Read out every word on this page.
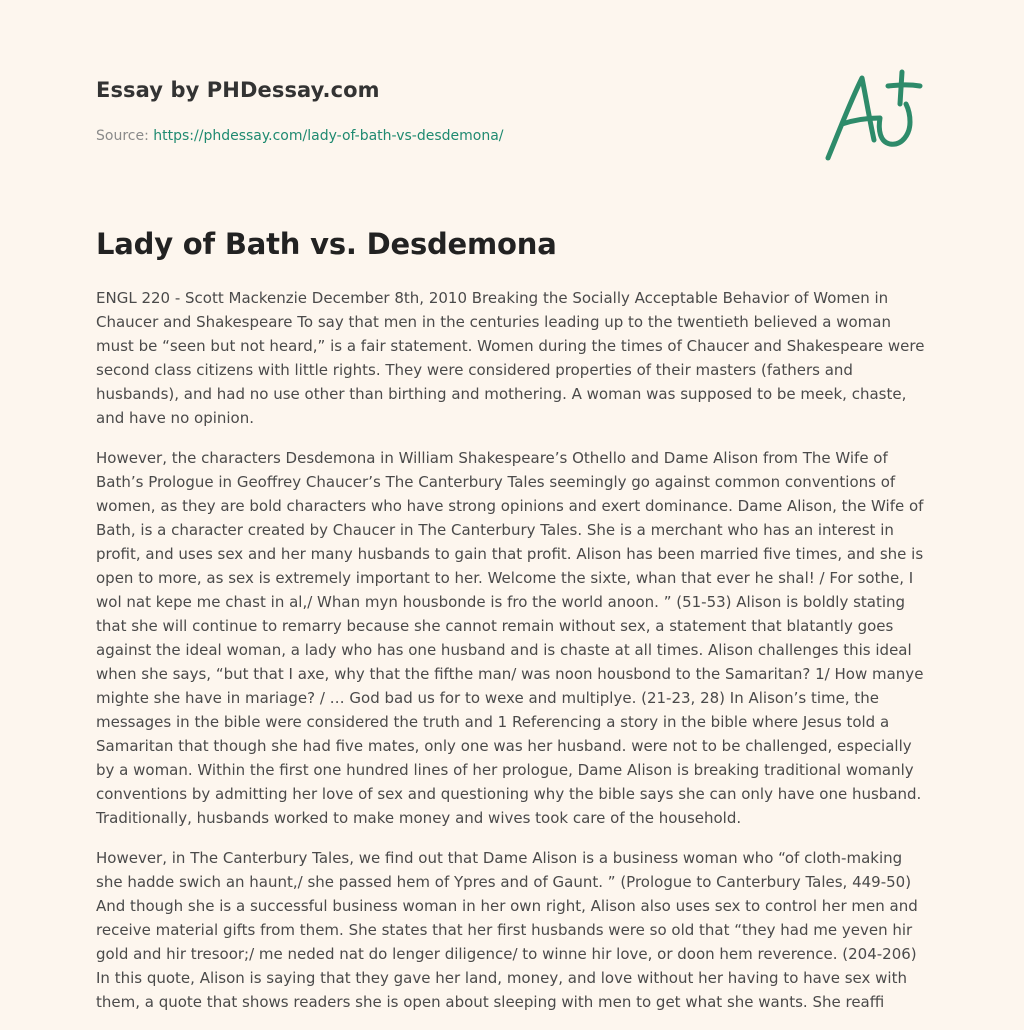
Essay by PHDessay.com
Source: https://phdessay.com/lady-of-bath-vs-desdemona/
Lady of Bath vs. Desdemona

ENGL 220 - Scott Mackenzie December 8th, 2010 Breaking the Socially Acceptable Behavior of Women in Chaucer and Shakespeare To say that men in the centuries leading up to the twentieth believed a woman must be “seen but not heard,” is a fair statement. Women during the times of Chaucer and Shakespeare were second class citizens with little rights. They were considered properties of their masters (fathers and husbands), and had no use other than birthing and mothering. A woman was supposed to be meek, chaste, and have no opinion.

However, the characters Desdemona in William Shakespeare’s Othello and Dame Alison from The Wife of Bath’s Prologue in Geoffrey Chaucer’s The Canterbury Tales seemingly go against common conventions of women, as they are bold characters who have strong opinions and exert dominance. Dame Alison, the Wife of Bath, is a character created by Chaucer in The Canterbury Tales. She is a merchant who has an interest in profit, and uses sex and her many husbands to gain that profit. Alison has been married five times, and she is open to more, as sex is extremely important to her. Welcome the sixte, whan that ever he shal! / For sothe, I wol nat kepe me chast in al,/ Whan myn housbonde is fro the world anoon. ” (51-53) Alison is boldly stating that she will continue to remarry because she cannot remain without sex, a statement that blatantly goes against the ideal woman, a lady who has one husband and is chaste at all times. Alison challenges this ideal when she says, “but that I axe, why that the fifthe man/ was noon housbond to the Samaritan? 1/ How manye mighte she have in mariage? / … God bad us for to wexe and multiplye. (21-23, 28) In Alison’s time, the messages in the bible were considered the truth and 1 Referencing a story in the bible where Jesus told a Samaritan that though she had five mates, only one was her husband. were not to be challenged, especially by a woman. Within the first one hundred lines of her prologue, Dame Alison is breaking traditional womanly conventions by admitting her love of sex and questioning why the bible says she can only have one husband. Traditionally, husbands worked to make money and wives took care of the household.

However, in The Canterbury Tales, we find out that Dame Alison is a business woman who “of cloth-making she hadde swich an haunt,/ she passed hem of Ypres and of Gaunt. ” (Prologue to Canterbury Tales, 449-50) And though she is a successful business woman in her own right, Alison also uses sex to control her men and receive material gifts from them. She states that her first husbands were so old that “they had me yeven hir gold and hir tresoor;/ me neded nat do lenger diligence/ to winne hir love, or doon hem reverence. (204-206) In this quote, Alison is saying that they gave her land, money, and love without her having to have sex with them, a quote that shows readers she is open about sleeping with men to get what she wants. She reaffi
